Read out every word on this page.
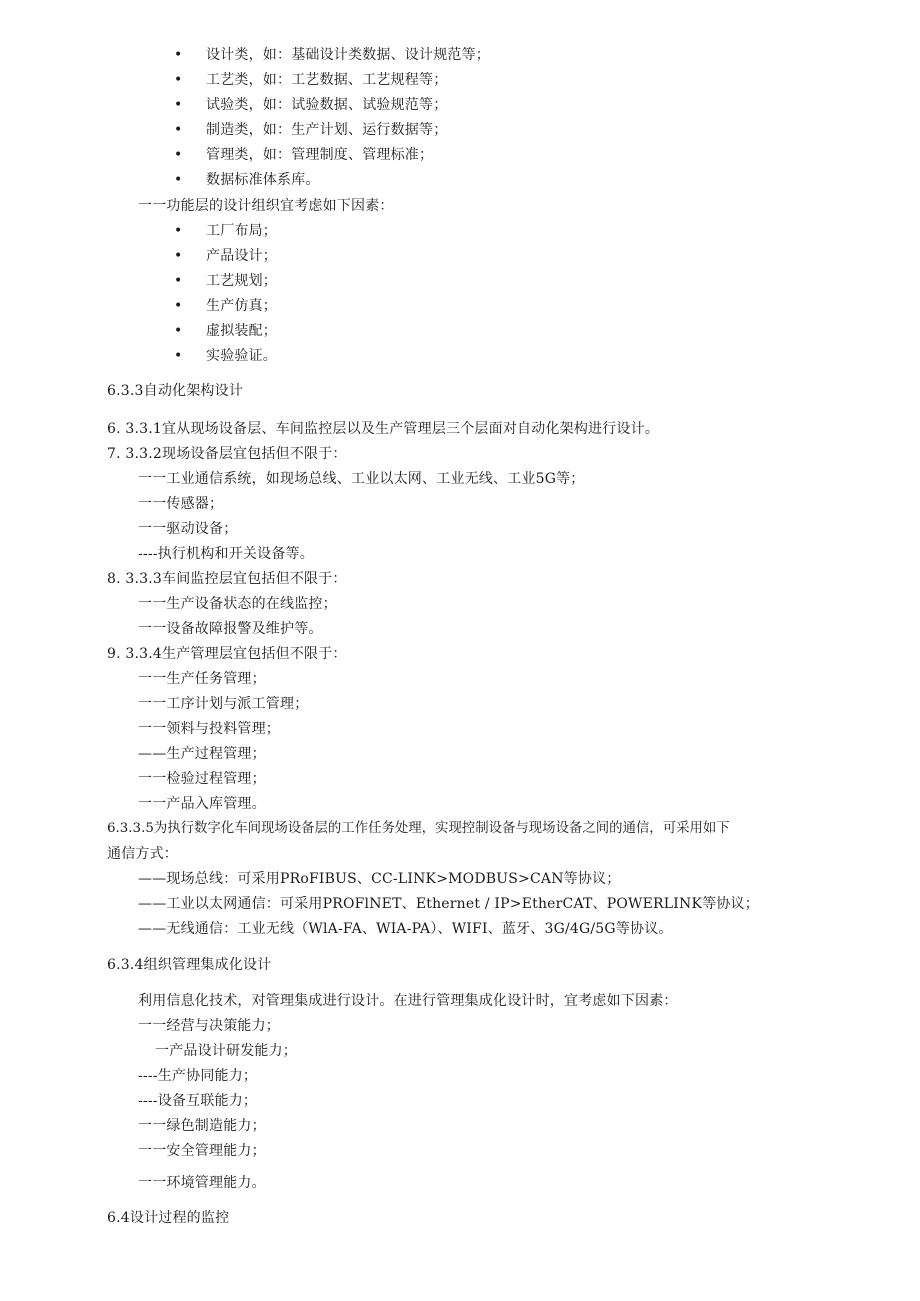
• 设计类，如：基础设计类数据、设计规范等；
• 工艺类，如：工艺数据、工艺规程等；
• 试验类，如：试验数据、试验规范等；
• 制造类，如：生产计划、运行数据等；
• 管理类，如：管理制度、管理标准；
• 数据标准体系库。
一一功能层的设计组织宜考虑如下因素：
• 工厂布局；
• 产品设计；
• 工艺规划；
• 生产仿真；
• 虚拟装配；
• 实验验证。
6.3.3自动化架构设计
6. 3.3.1宜从现场设备层、车间监控层以及生产管理层三个层面对自动化架构进行设计。
7. 3.3.2现场设备层宜包括但不限于：
一一工业通信系统，如现场总线、工业以太网、工业无线、工业5G等；
一一传感器；
一一驱动设备；
----执行机构和开关设备等。
8. 3.3.3车间监控层宜包括但不限于：
一一生产设备状态的在线监控；
一一设备故障报警及维护等。
9. 3.3.4生产管理层宜包括但不限于：
一一生产任务管理；
一一工序计划与派工管理；
一一领料与投料管理；
——生产过程管理；
一一检验过程管理；
一一产品入库管理。
6.3.3.5为执行数字化车间现场设备层的工作任务处理，实现控制设备与现场设备之间的通信，可采用如下
通信方式：
——现场总线：可采用PRoFIBUS、CC-LINK>MODBUS>CAN等协议；
——工业以太网通信：可采用PROFlNET、Ethernet / IP>EtherCAT、POWERLINK等协议；
——无线通信：工业无线（WlA-FA、WIA-PA）、WIFI、蓝牙、3G/4G/5G等协议。
6.3.4组织管理集成化设计
利用信息化技术，对管理集成进行设计。在进行管理集成化设计时，宜考虑如下因素：
一一经营与决策能力；
一产品设计研发能力；
----生产协同能力；
----设备互联能力；
一一绿色制造能力；
一一安全管理能力；
一一环境管理能力。
6.4设计过程的监控
